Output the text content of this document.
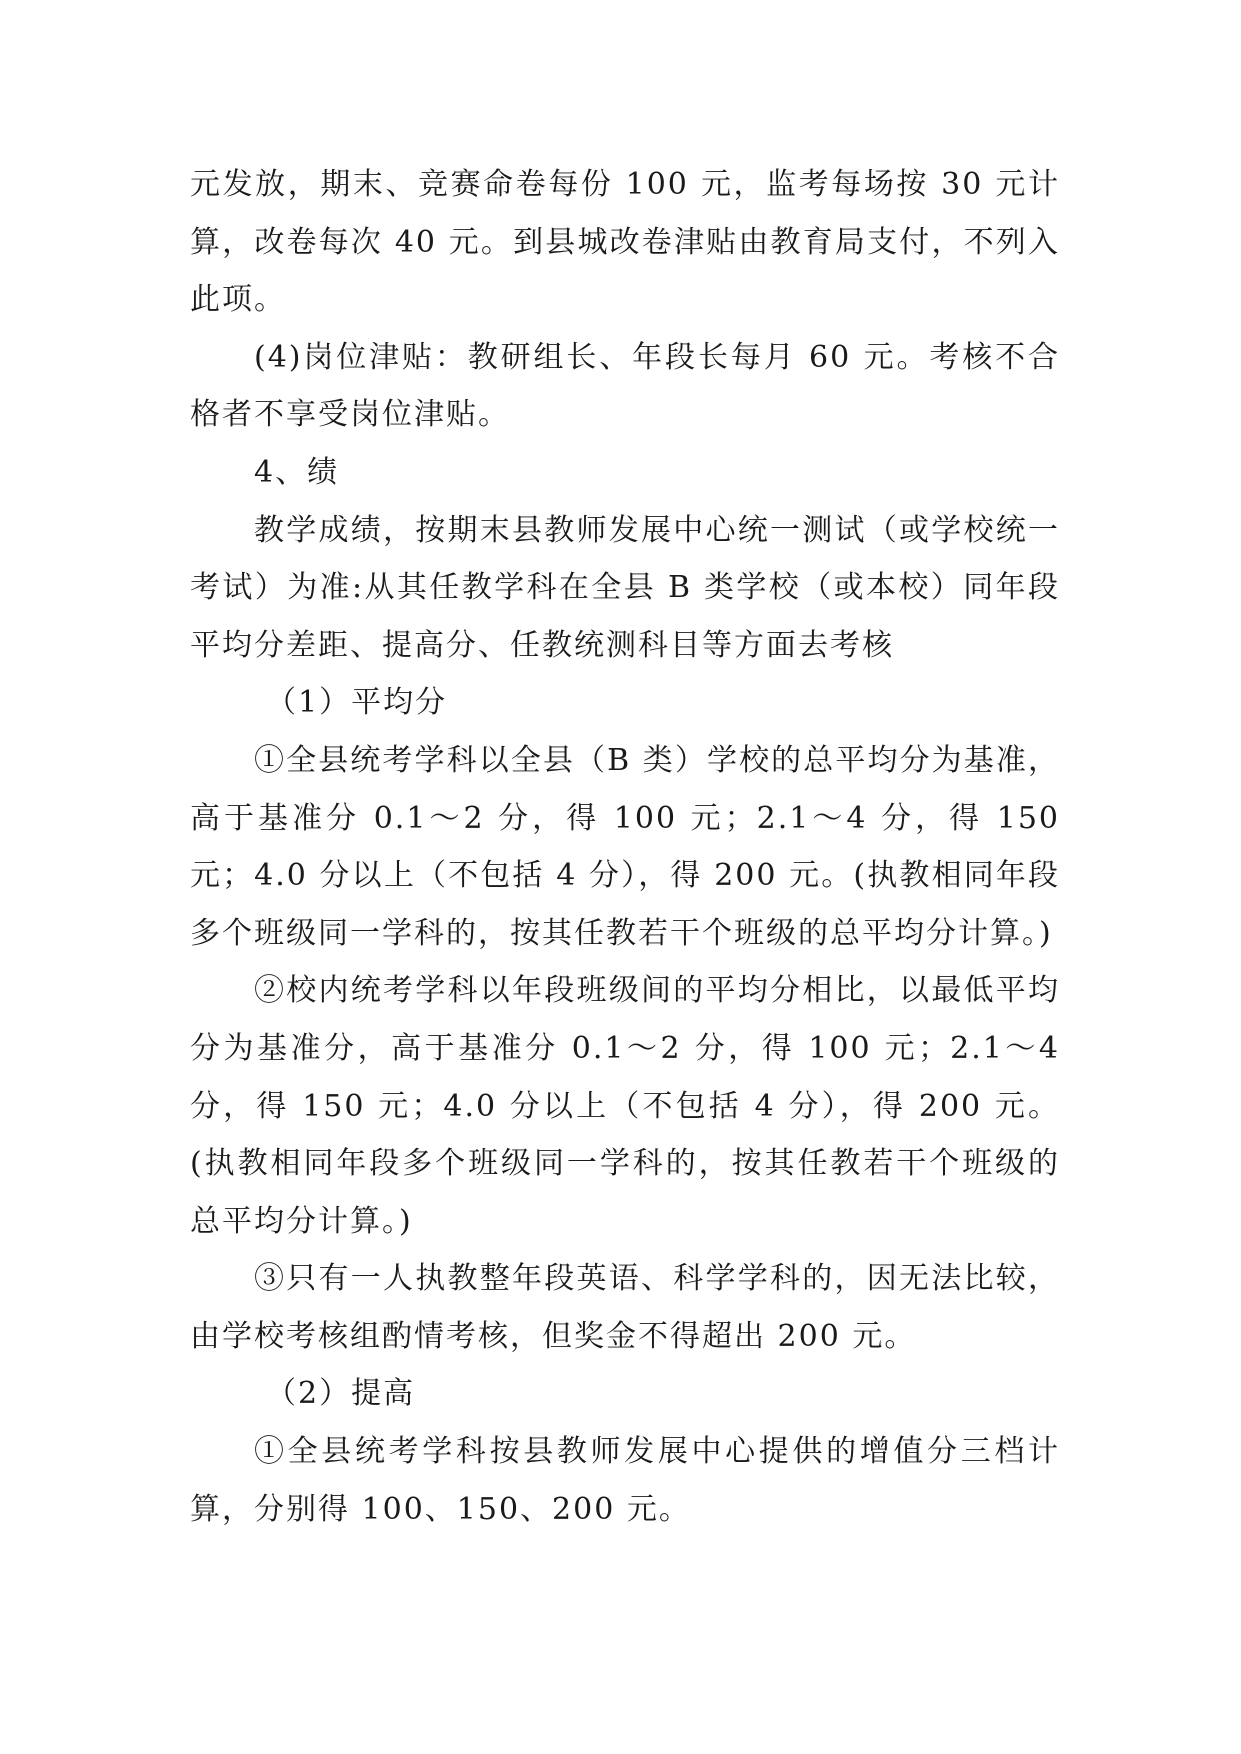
元发放，期末、竞赛命卷每份 100 元，监考每场按 30 元计算，改卷每次 40 元。到县城改卷津贴由教育局支付，不列入此项。

(4)岗位津贴：教研组长、年段长每月 60 元。考核不合格者不享受岗位津贴。

4、绩

教学成绩，按期末县教师发展中心统一测试（或学校统一考试）为准:从其任教学科在全县 B 类学校（或本校）同年段平均分差距、提高分、任教统测科目等方面去考核

（1）平均分

①全县统考学科以全县（B 类）学校的总平均分为基准，高于基准分 0.1～2 分，得 100 元；2.1～4 分，得 150 元；4.0 分以上（不包括 4 分），得 200 元。(执教相同年段多个班级同一学科的，按其任教若干个班级的总平均分计算。)

②校内统考学科以年段班级间的平均分相比，以最低平均分为基准分，高于基准分 0.1～2 分，得 100 元；2.1～4 分，得 150 元；4.0 分以上（不包括 4 分），得 200 元。(执教相同年段多个班级同一学科的，按其任教若干个班级的总平均分计算。)

③只有一人执教整年段英语、科学学科的，因无法比较，由学校考核组酌情考核，但奖金不得超出 200 元。

（2）提高

①全县统考学科按县教师发展中心提供的增值分三档计算，分别得 100、150、200 元。
